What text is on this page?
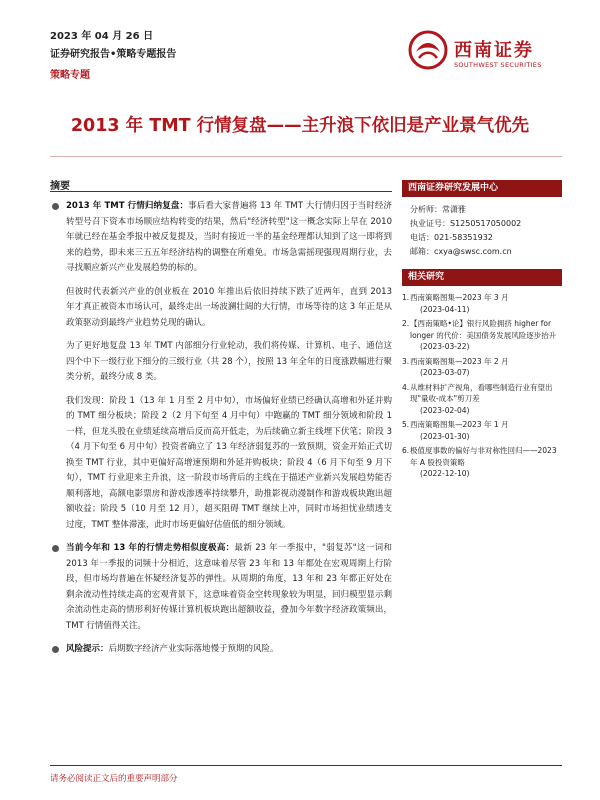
2023 年 04 月 26 日
证券研究报告•策略专题报告
策略专题
西南证券
SOUTHWEST SECURITIES
2013 年 TMT 行情复盘——主升浪下依旧是产业景气优先
摘要

2013 年 TMT 行情归纳复盘：事后看大家普遍将 13 年 TMT 大行情归因于当时经济转型号召下资本市场顺应结构转变的结果，然后"经济转型"这一概念实际上早在 2010 年就已经在基金季报中被反复提及，当时有接近一半的基金经理都认知到了这一即将到来的趋势，即未来三五五年经济结构的调整在所难免。市场急需摇现强现周期行业，去寻找顺应新兴产业发展趋势的标的。

但彼时代表新兴产业的创业板在 2010 年推出后依旧持续下跌了近两年，直到 2013 年才真正被资本市场认可，最终走出一场波澜壮阔的大行情，市场等待的这 3 年正是从政策驱动到最终产业趋势兑现的确认。

为了更好地复盘 13 年 TMT 内部细分行业轮动，我们将传媒、计算机、电子、通信这四个中下一级行业下细分的三级行业（共 28 个），按照 13 年全年的日度涨跌幅进行聚类分析，最终分成 8 类。

我们发现：阶段 1（13 年 1 月至 2 月中旬），市场偏好业绩已经确认高增和外延并购的 TMT 细分板块；阶段 2（2 月下旬至 4 月中旬）中跑赢的 TMT 细分领域和阶段 1 一样，但龙头股在业绩延续高增后反而高开低走，为后续确立新主线埋下伏笔；阶段 3（4 月下旬至 6 月中旬）投资者确立了 13 年经济弱复苏的一致预期，资金开始正式切换至 TMT 行业，其中更偏好高增速预期和外延并购板块；阶段 4（6 月下旬至 9 月下旬），TMT 行业迎来主升浪，这一阶段市场背后的主线在于描述产业新兴发展趋势能否顺利落地，高额电影票房和游戏渗透率持续攀升，助推影视动漫制作和游戏板块跑出超额收益；阶段 5（10 月至 12 月），超买阻碍 TMT 继续上冲，同时市场担忧业绩透支过度，TMT 整体滞涨，此时市场更偏好估值低的细分领域。

当前今年和 13 年的行情走势相似度极高：最新 23 年一季报中，"弱复苏"这一词和 2013 年一季报的词频十分相近，这意味着尽管 23 年和 13 年都处在宏观周期上行阶段，但市场均普遍在怀疑经济复苏的弹性。从周期的角度，13 年和 23 年都正好处在剩余流动性持续走高的宏观背景下，这意味着资金空转现象较为明显，回归模型显示剩余流动性走高的情形利好传媒计算机板块跑出超额收益，叠加今年数字经济政策频出，TMT 行情值得关注。

风险提示：后期数字经济产业实际落地慢于预期的风险。

西南证券研究发展中心
分析师：常潇雅
执业证号：S1250517050002
电话：021-58351932
邮箱：cxya@swsc.com.cn
相关研究
1. 西南策略图集—2023 年 3 月
(2023-04-11)
2. 【西南策略•论】银行风险拥挤 higher for longer 的代价：美国债务发展风险逐步抬升
(2023-03-22)
3. 西南策略图集—2023 年 2 月
(2023-03-07)
4. 从维材料扩产视角，看哪些制造行业有望出现"量收-成本"剪刀差
(2023-02-04)
5. 西南策略图集—2023 年 1 月
(2023-01-30)
6. 极值度事数的偏好与非对称性回归——2023 年 A 股投资策略
(2022-12-10)
请务必阅读正文后的重要声明部分
